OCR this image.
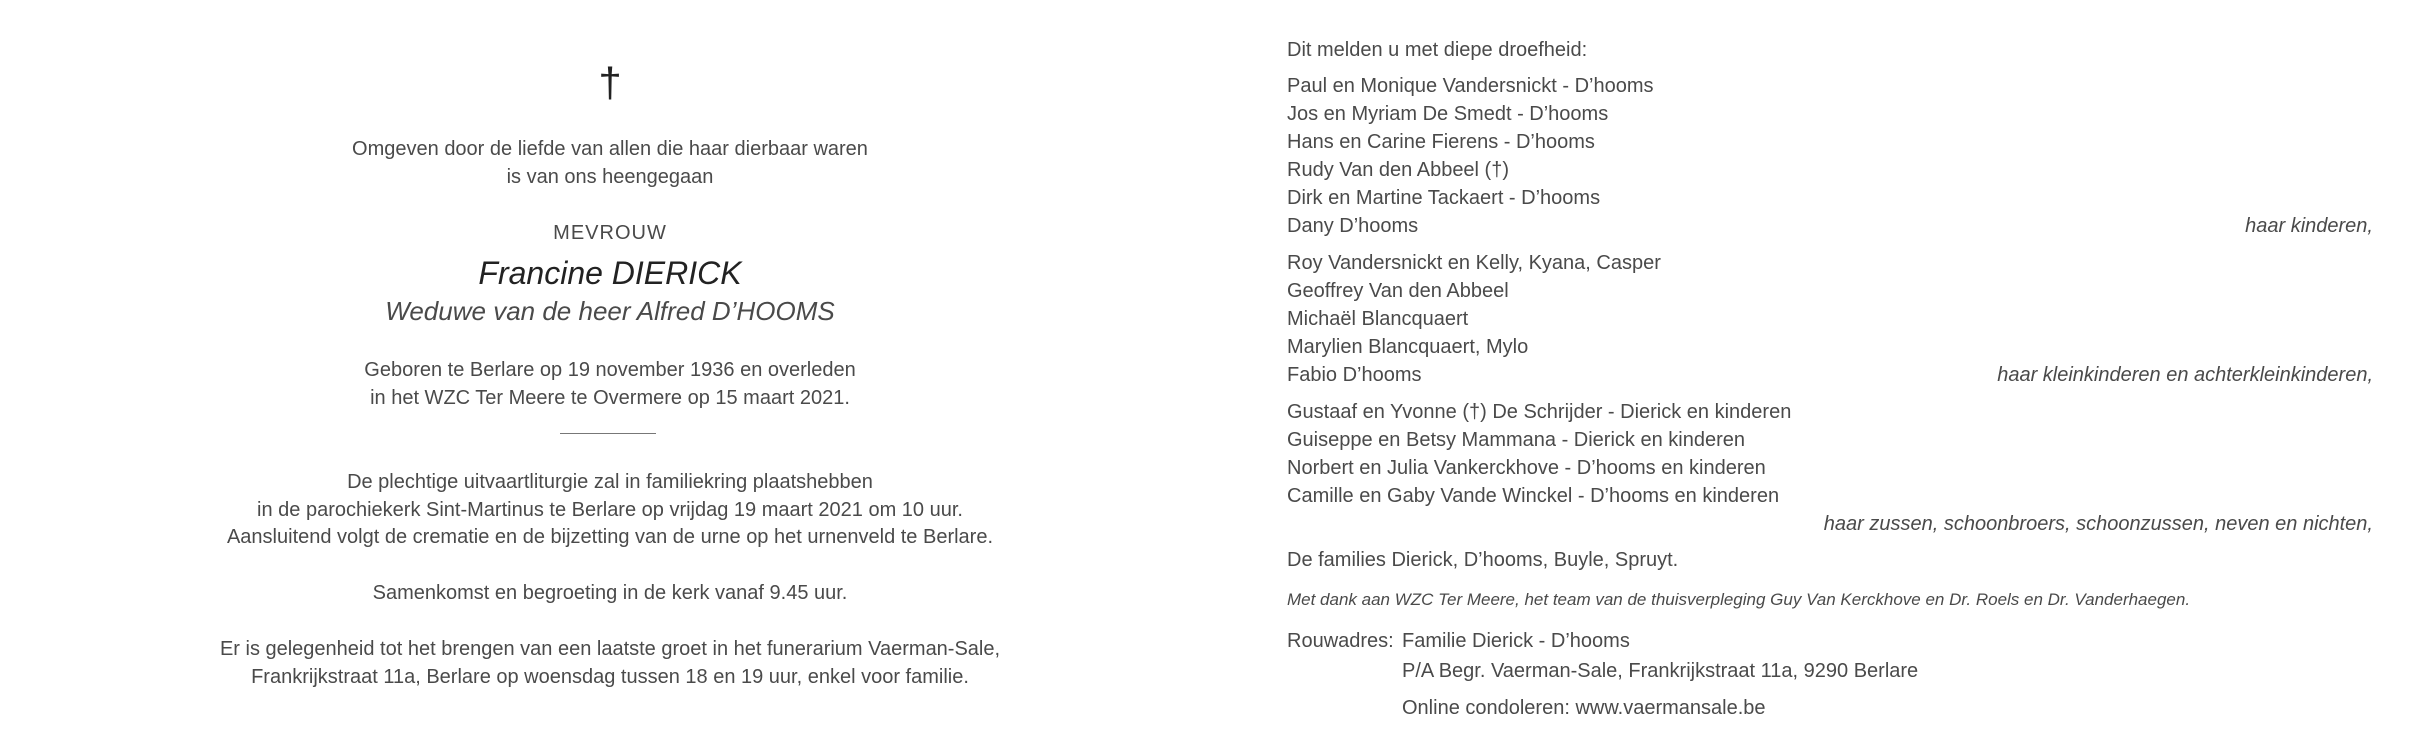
†
Omgeven door de liefde van allen die haar dierbaar waren
is van ons heengegaan
MEVROUW
Francine DIERICK
Weduwe van de heer Alfred D’HOOMS
Geboren te Berlare op 19 november 1936 en overleden
in het WZC Ter Meere te Overmere op 15 maart 2021.
De plechtige uitvaartliturgie zal in familiekring plaatshebben
in de parochiekerk Sint-Martinus te Berlare op vrijdag 19 maart 2021 om 10 uur.
Aansluitend volgt de crematie en de bijzetting van de urne op het urnenveld te Berlare.
Samenkomst en begroeting in de kerk vanaf 9.45 uur.
Er is gelegenheid tot het brengen van een laatste groet in het funerarium Vaerman-Sale,
Frankrijkstraat 11a, Berlare op woensdag tussen 18 en 19 uur, enkel voor familie.
Dit melden u met diepe droefheid:
Paul en Monique Vandersnickt - D’hooms
Jos en Myriam De Smedt - D’hooms
Hans en Carine Fierens - D’hooms
Rudy Van den Abbeel (†)
Dirk en Martine Tackaert - D’hooms
Dany D’hooms	haar kinderen,
Roy Vandersnickt en Kelly, Kyana, Casper
Geoffrey Van den Abbeel
Michaël Blancquaert
Marylien Blancquaert, Mylo
Fabio D’hooms	haar kleinkinderen en achterkleinkinderen,
Gustaaf en Yvonne (†) De Schrijder - Dierick en kinderen
Guiseppe en Betsy Mammana - Dierick en kinderen
Norbert en Julia Vankerckhove - D’hooms en kinderen
Camille en Gaby Vande Winckel - D’hooms en kinderen
haar zussen, schoonbroers, schoonzussen, neven en nichten,
De families Dierick, D’hooms, Buyle, Spruyt.
Met dank aan WZC Ter Meere, het team van de thuisverpleging Guy Van Kerckhove en Dr. Roels en Dr. Vanderhaegen.
Rouwadres: Familie Dierick - D’hooms
P/A Begr. Vaerman-Sale, Frankrijkstraat 11a, 9290 Berlare
Online condoleren: www.vaermansale.be
